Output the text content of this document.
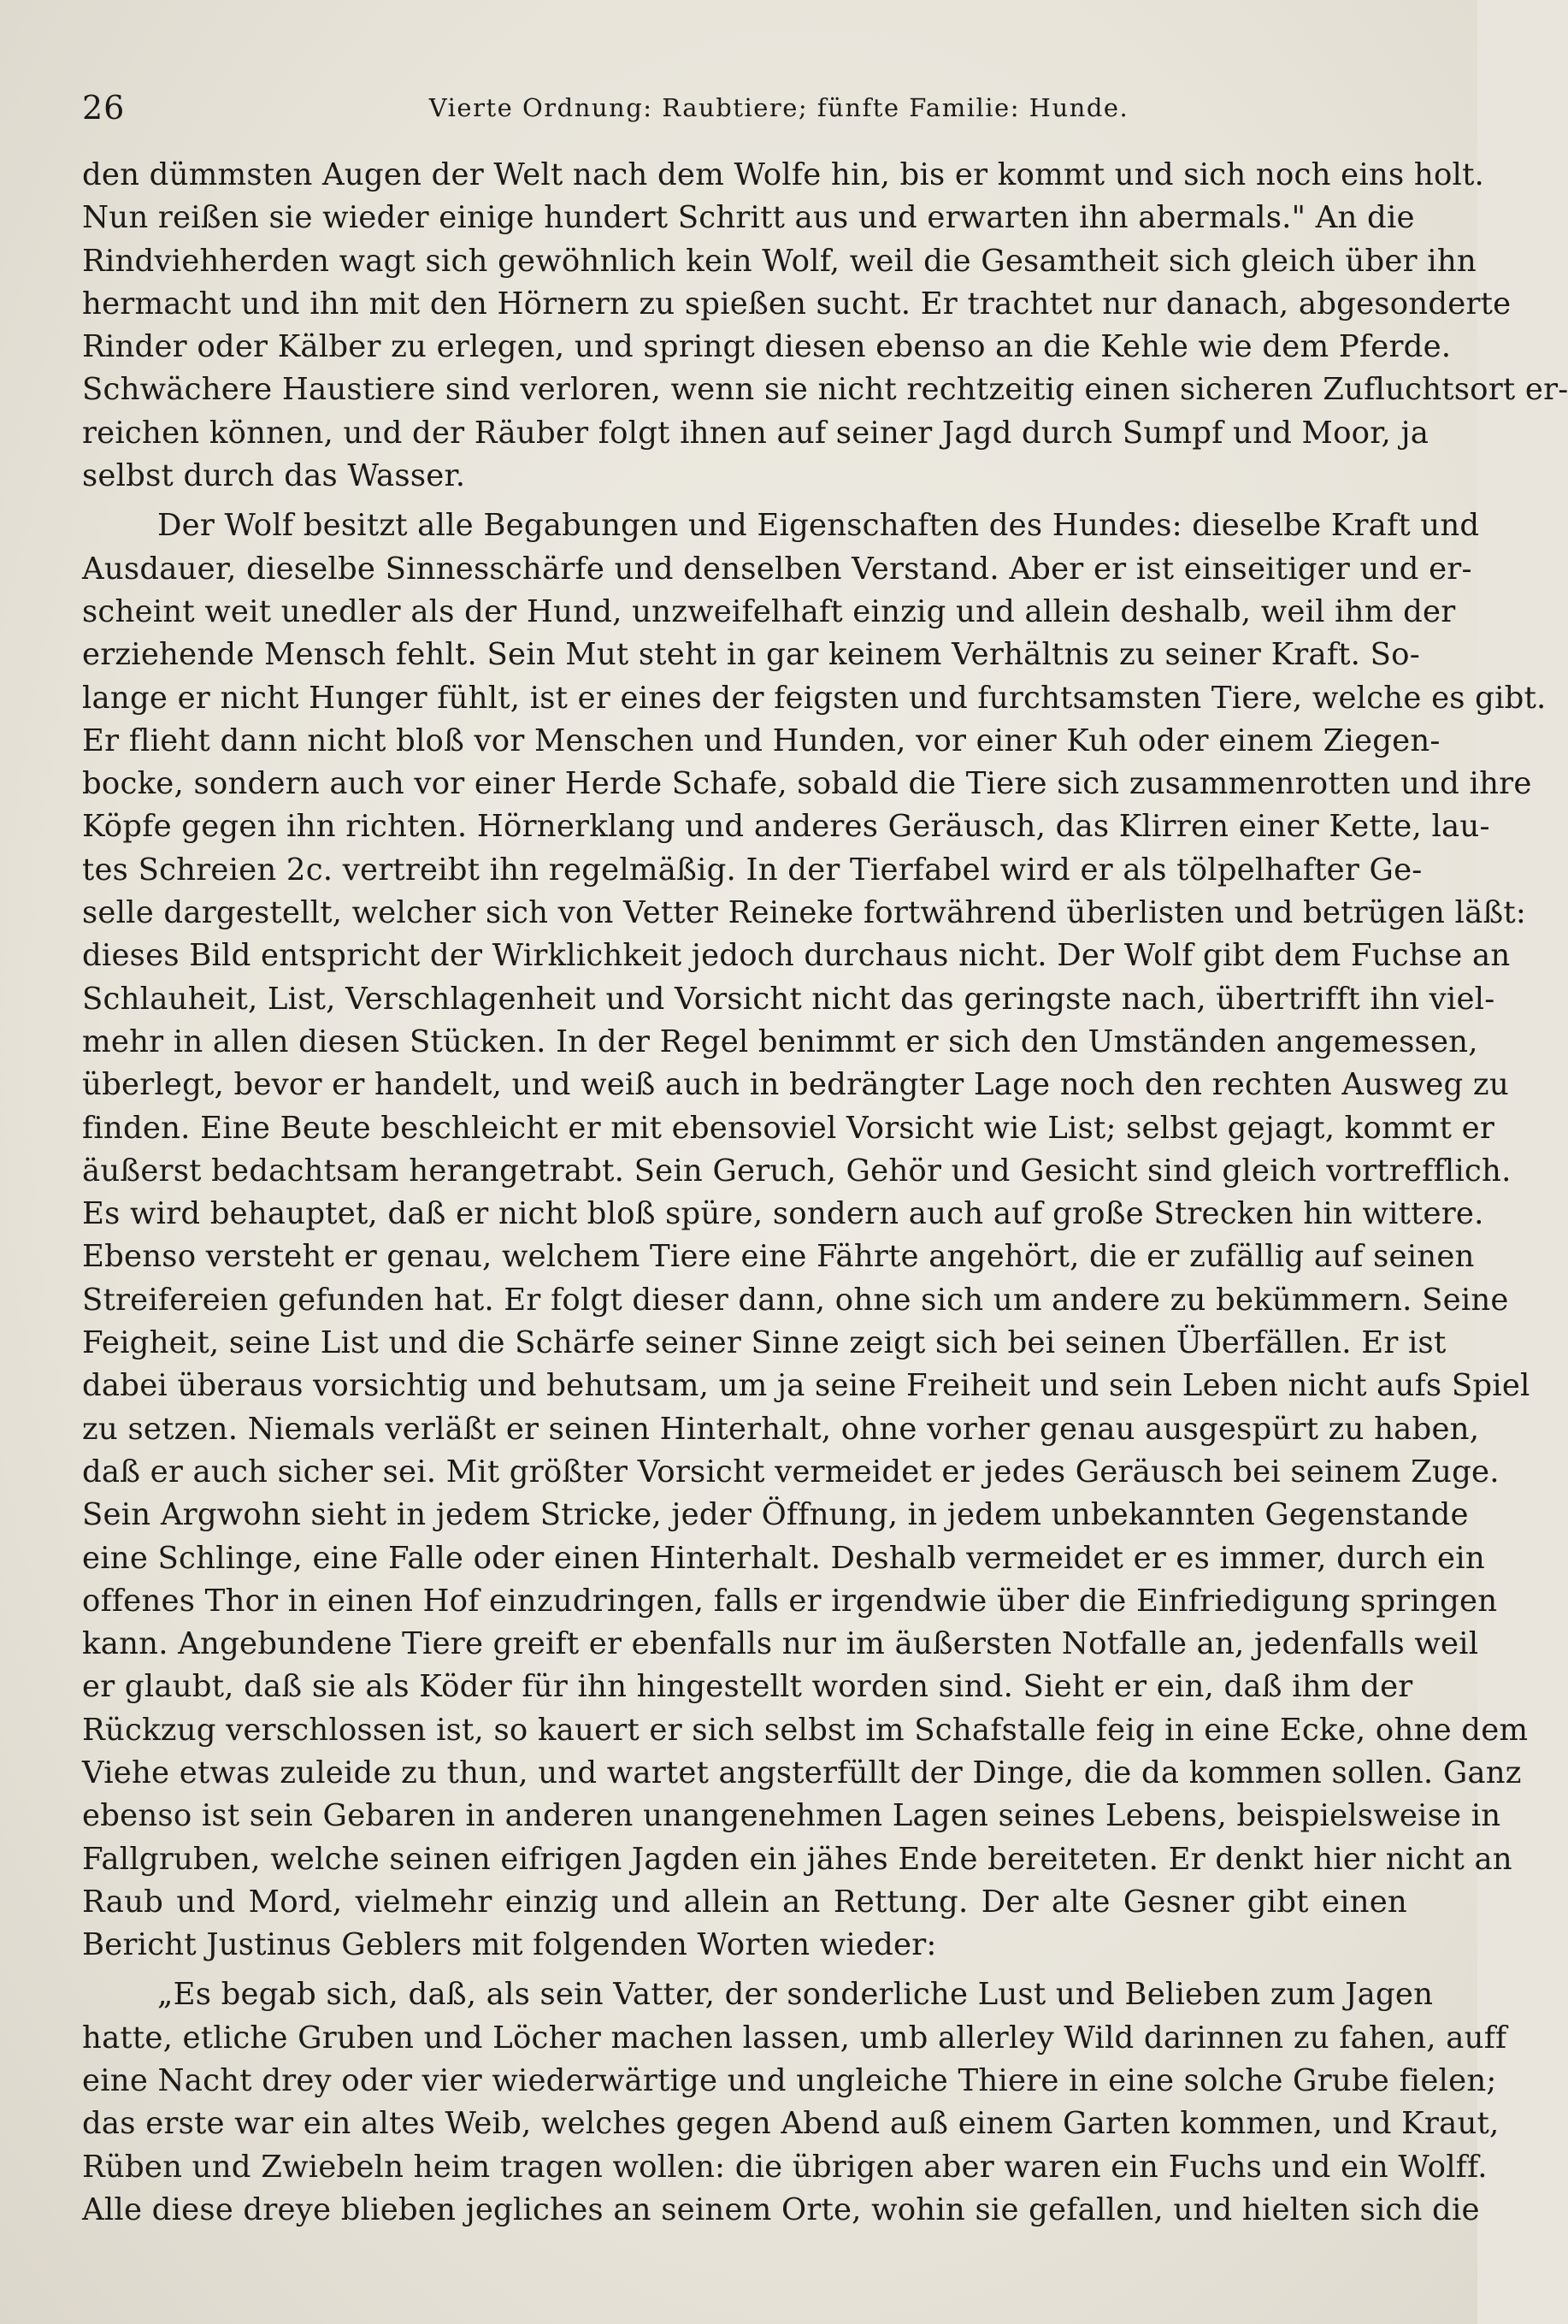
26	Vierte Ordnung: Raubtiere; fünfte Familie: Hunde.
den dümmsten Augen der Welt nach dem Wolfe hin, bis er kommt und sich noch eins holt.
Nun reißen sie wieder einige hundert Schritt aus und erwarten ihn abermals." An die
Rindviehherden wagt sich gewöhnlich kein Wolf, weil die Gesamtheit sich gleich über ihn
hermacht und ihn mit den Hörnern zu spießen sucht. Er trachtet nur danach, abgesonderte
Rinder oder Kälber zu erlegen, und springt diesen ebenso an die Kehle wie dem Pferde.
Schwächere Haustiere sind verloren, wenn sie nicht rechtzeitig einen sicheren Zufluchtsort er-
reichen können, und der Räuber folgt ihnen auf seiner Jagd durch Sumpf und Moor, ja
selbst durch das Wasser.
Der Wolf besitzt alle Begabungen und Eigenschaften des Hundes: dieselbe Kraft und
Ausdauer, dieselbe Sinnesschärfe und denselben Verstand. Aber er ist einseitiger und er-
scheint weit unedler als der Hund, unzweifelhaft einzig und allein deshalb, weil ihm der
erziehende Mensch fehlt. Sein Mut steht in gar keinem Verhältnis zu seiner Kraft. So-
lange er nicht Hunger fühlt, ist er eines der feigsten und furchtsamsten Tiere, welche es gibt.
Er flieht dann nicht bloß vor Menschen und Hunden, vor einer Kuh oder einem Ziegen-
bocke, sondern auch vor einer Herde Schafe, sobald die Tiere sich zusammenrotten und ihre
Köpfe gegen ihn richten. Hörnerklang und anderes Geräusch, das Klirren einer Kette, lau-
tes Schreien 2c. vertreibt ihn regelmäßig. In der Tierfabel wird er als tölpelhafter Ge-
selle dargestellt, welcher sich von Vetter Reineke fortwährend überlisten und betrügen läßt:
dieses Bild entspricht der Wirklichkeit jedoch durchaus nicht. Der Wolf gibt dem Fuchse an
Schlauheit, List, Verschlagenheit und Vorsicht nicht das geringste nach, übertrifft ihn viel-
mehr in allen diesen Stücken. In der Regel benimmt er sich den Umständen angemessen,
überlegt, bevor er handelt, und weiß auch in bedrängter Lage noch den rechten Ausweg zu
finden. Eine Beute beschleicht er mit ebensoviel Vorsicht wie List; selbst gejagt, kommt er
äußerst bedachtsam herangetrabt. Sein Geruch, Gehör und Gesicht sind gleich vortrefflich.
Es wird behauptet, daß er nicht bloß spüre, sondern auch auf große Strecken hin wittere.
Ebenso versteht er genau, welchem Tiere eine Fährte angehört, die er zufällig auf seinen
Streifereien gefunden hat. Er folgt dieser dann, ohne sich um andere zu bekümmern. Seine
Feigheit, seine List und die Schärfe seiner Sinne zeigt sich bei seinen Überfällen. Er ist
dabei überaus vorsichtig und behutsam, um ja seine Freiheit und sein Leben nicht aufs Spiel
zu setzen. Niemals verläßt er seinen Hinterhalt, ohne vorher genau ausgespürt zu haben,
daß er auch sicher sei. Mit größter Vorsicht vermeidet er jedes Geräusch bei seinem Zuge.
Sein Argwohn sieht in jedem Stricke, jeder Öffnung, in jedem unbekannten Gegenstande
eine Schlinge, eine Falle oder einen Hinterhalt. Deshalb vermeidet er es immer, durch ein
offenes Thor in einen Hof einzudringen, falls er irgendwie über die Einfriedigung springen
kann. Angebundene Tiere greift er ebenfalls nur im äußersten Notfalle an, jedenfalls weil
er glaubt, daß sie als Köder für ihn hingestellt worden sind. Sieht er ein, daß ihm der
Rückzug verschlossen ist, so kauert er sich selbst im Schafstalle feig in eine Ecke, ohne dem
Viehe etwas zuleide zu thun, und wartet angsterfüllt der Dinge, die da kommen sollen. Ganz
ebenso ist sein Gebaren in anderen unangenehmen Lagen seines Lebens, beispielsweise in
Fallgruben, welche seinen eifrigen Jagden ein jähes Ende bereiteten. Er denkt hier nicht an
Raub und Mord, vielmehr einzig und allein an Rettung. Der alte Gesner gibt einen
Bericht Justinus Geblers mit folgenden Worten wieder:
„Es begab sich, daß, als sein Vatter, der sonderliche Lust und Belieben zum Jagen
hatte, etliche Gruben und Löcher machen lassen, umb allerley Wild darinnen zu fahen, auff
eine Nacht drey oder vier wiederwärtige und ungleiche Thiere in eine solche Grube fielen;
das erste war ein altes Weib, welches gegen Abend auß einem Garten kommen, und Kraut,
Rüben und Zwiebeln heim tragen wollen: die übrigen aber waren ein Fuchs und ein Wolff.
Alle diese dreye blieben jegliches an seinem Orte, wohin sie gefallen, und hielten sich die
